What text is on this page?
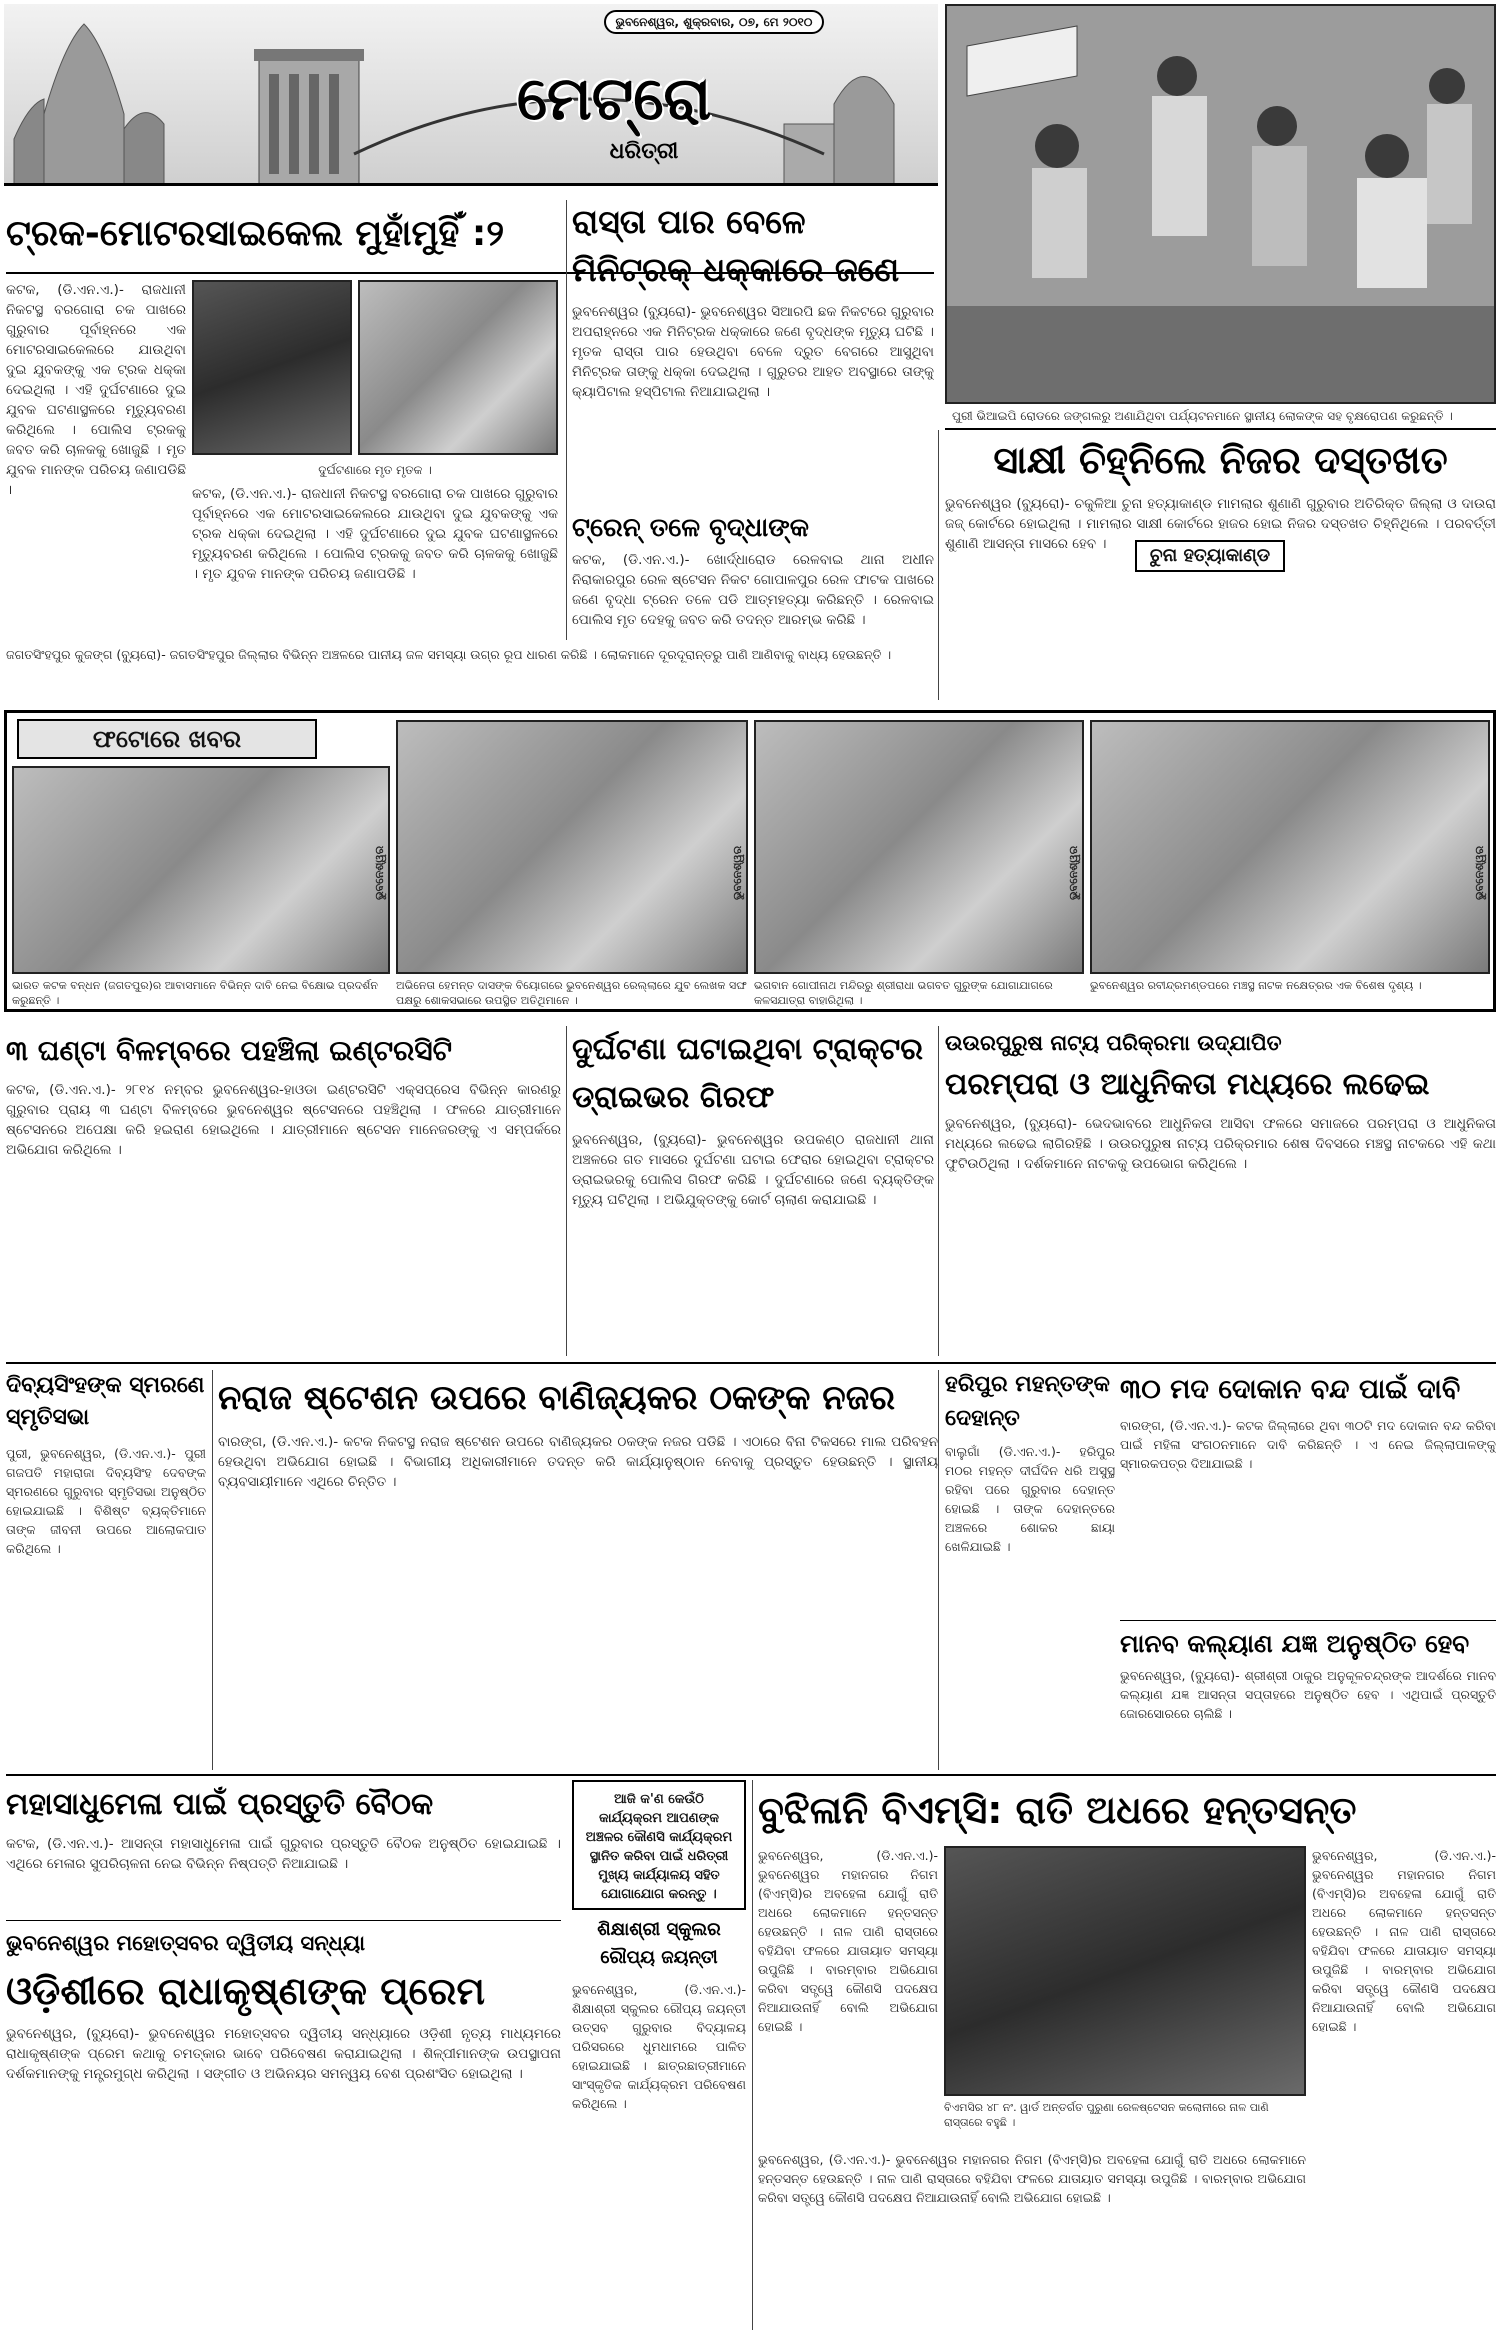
ଭୁବନେଶ୍ୱର, ଶୁକ୍ରବାର, ୦୭, ମେ ୨୦୧୦
ମେଟ୍ରୋ
ଧରିତ୍ରୀ
ପୁରୀ ଭିଆଇପି ରୋଡରେ ଜଙ୍ଗଲରୁ ଅଣାଯିଥିବା ପର୍ଯ୍ୟଟନମାନେ ସ୍ଥାନୀୟ ଲୋକଙ୍କ ସହ ବୃକ୍ଷରୋପଣ କରୁଛନ୍ତି ।
ଟ୍ରକ-ମୋଟରସାଇକେଲ ମୁହାଁମୁହିଁ :୨
କଟକ, (ଡି.ଏନ.ଏ.)- ରାଜଧାନୀ ନିକଟସ୍ଥ ବରଗୋରା ଚକ ପାଖରେ ଗୁରୁବାର ପୂର୍ବାହ୍ନରେ ଏକ ମୋଟରସାଇକେଲରେ ଯାଉଥିବା ଦୁଇ ଯୁବକଙ୍କୁ ଏକ ଟ୍ରକ ଧକ୍କା ଦେଇଥିଲା । ଏହି ଦୁର୍ଘଟଣାରେ ଦୁଇ ଯୁବକ ଘଟଣାସ୍ଥଳରେ ମୃତ୍ୟୁବରଣ କରିଥିଲେ । ପୋଲିସ ଟ୍ରକକୁ ଜବତ କରି ଚାଳକକୁ ଖୋଜୁଛି । ମୃତ ଯୁବକ ମାନଙ୍କ ପରିଚୟ ଜଣାପଡିଛି ।
ଦୁର୍ଘଟଣାରେ ମୃତ ମୃତକ ।
କଟକ, (ଡି.ଏନ.ଏ.)- ରାଜଧାନୀ ନିକଟସ୍ଥ ବରଗୋରା ଚକ ପାଖରେ ଗୁରୁବାର ପୂର୍ବାହ୍ନରେ ଏକ ମୋଟରସାଇକେଲରେ ଯାଉଥିବା ଦୁଇ ଯୁବକଙ୍କୁ ଏକ ଟ୍ରକ ଧକ୍କା ଦେଇଥିଲା । ଏହି ଦୁର୍ଘଟଣାରେ ଦୁଇ ଯୁବକ ଘଟଣାସ୍ଥଳରେ ମୃତ୍ୟୁବରଣ କରିଥିଲେ । ପୋଲିସ ଟ୍ରକକୁ ଜବତ କରି ଚାଳକକୁ ଖୋଜୁଛି । ମୃତ ଯୁବକ ମାନଙ୍କ ପରିଚୟ ଜଣାପଡିଛି ।
ରାସ୍ତା ପାର ବେଳେ ମିନିଟ୍ରକ୍ ଧକ୍କାରେ ଜଣେ
ଭୁବନେଶ୍ୱର (ବ୍ୟୁରୋ)- ଭୁବନେଶ୍ୱର ସିଆରପି ଛକ ନିକଟରେ ଗୁରୁବାର ଅପରାହ୍ନରେ ଏକ ମିନିଟ୍ରକ ଧକ୍କାରେ ଜଣେ ବୃଦ୍ଧଙ୍କ ମୃତ୍ୟୁ ଘଟିଛି । ମୃତକ ରାସ୍ତା ପାର ହେଉଥିବା ବେଳେ ଦ୍ରୁତ ବେଗରେ ଆସୁଥିବା ମିନିଟ୍ରକ ତାଙ୍କୁ ଧକ୍କା ଦେଇଥିଲା । ଗୁରୁତର ଆହତ ଅବସ୍ଥାରେ ତାଙ୍କୁ କ୍ୟାପିଟାଲ ହସ୍ପିଟାଲ ନିଆଯାଇଥିଲା ।
ଟ୍ରେନ୍ ତଳେ ବୃଦ୍ଧାଙ୍କ
କଟକ, (ଡି.ଏନ.ଏ.)- ଖୋର୍ଦ୍ଧାରୋଡ ରେଳବାଇ ଥାନା ଅଧୀନ ନିରାକାରପୁର ରେଳ ଷ୍ଟେସନ ନିକଟ ଗୋପାଳପୁର ରେଳ ଫାଟକ ପାଖରେ ଜଣେ ବୃଦ୍ଧା ଟ୍ରେନ ତଳେ ପଡି ଆତ୍ମହତ୍ୟା କରିଛନ୍ତି । ରେଳବାଇ ପୋଲିସ ମୃତ ଦେହକୁ ଜବତ କରି ତଦନ୍ତ ଆରମ୍ଭ କରିଛି ।
ସାକ୍ଷୀ ଚିହ୍ନିଲେ ନିଜର ଦସ୍ତଖତ
ଭୁବନେଶ୍ୱର (ବ୍ୟୁରୋ)- ଚକୁଳିଆ ଚୁନା ହତ୍ୟାକାଣ୍ଡ ମାମଲାର ଶୁଣାଣି ଗୁରୁବାର ଅତିରିକ୍ତ ଜିଲ୍ଲା ଓ ଦାଉରା ଜଜ୍ କୋର୍ଟରେ ହୋଇଥିଲା । ମାମଲାର ସାକ୍ଷୀ କୋର୍ଟରେ ହାଜର ହୋଇ ନିଜର ଦସ୍ତଖତ ଚିହ୍ନିଥିଲେ । ପରବର୍ତ୍ତୀ ଶୁଣାଣି ଆସନ୍ତା ମାସରେ ହେବ ।
ଚୁନା ହତ୍ୟାକାଣ୍ଡ
ଜଗତସିଂହପୁର କୁଜଙ୍ଗ (ବ୍ୟୁରୋ)- ଜଗତସିଂହପୁର ଜିଲ୍ଲାର ବିଭିନ୍ନ ଅଞ୍ଚଳରେ ପାନୀୟ ଜଳ ସମସ୍ୟା ଉଗ୍ର ରୂପ ଧାରଣ କରିଛି । ଲୋକମାନେ ଦୂରଦୂରାନ୍ତରୁ ପାଣି ଆଣିବାକୁ ବାଧ୍ୟ ହେଉଛନ୍ତି ।
ଫଟୋରେ ଖବର
ଭୁବନେଶ୍ୱର
ଭାରତ କଟକ ବନ୍ଧନ (ଜଗତପୁର)ର ଆବାସମାନେ ବିଭିନ୍ନ ଦାବି ନେଇ ବିକ୍ଷୋଭ ପ୍ରଦର୍ଶନ କରୁଛନ୍ତି ।
ଭୁବନେଶ୍ୱର
ଅଭିନେତା ହେମନ୍ତ ଦାସଙ୍କ ବିୟୋଗରେ ଭୁବନେଶ୍ୱର ରେଲ୍ଲାରେ ଯୁବ ଲେଖକ ସଙ୍ଘ ପକ୍ଷରୁ ଶୋକସଭାରେ ଉପସ୍ଥିତ ଅତିଥିମାନେ ।
ଭୁବନେଶ୍ୱର
ଭଗବାନ ଗୋପୀନାଥ ମନ୍ଦିରରୁ ଶ୍ରୀରାଧା ଭଗବତ ଗୁରୁଙ୍କ ଯୋଗାଯାଗରେ କଳସଯାତ୍ରା ବାହାରିଥିଲା ।
ଭୁବନେଶ୍ୱର
ଭୁବନେଶ୍ୱର ରବୀନ୍ଦ୍ରମଣ୍ଡପରେ ମଞ୍ଚସ୍ଥ ନାଟକ ନକ୍ଷେତ୍ରର ଏକ ବିଶେଷ ଦୃଶ୍ୟ ।
୩ ଘଣ୍ଟା ବିଳମ୍ବରେ ପହଞ୍ଚିଲା ଇଣ୍ଟରସିଟି
କଟକ, (ଡି.ଏନ.ଏ.)- ୨୮୧୪ ନମ୍ବର ଭୁବନେଶ୍ୱର-ହାଓଡା ଇଣ୍ଟରସିଟି ଏକ୍ସପ୍ରେସ ବିଭିନ୍ନ କାରଣରୁ ଗୁରୁବାର ପ୍ରାୟ ୩ ଘଣ୍ଟା ବିଳମ୍ବରେ ଭୁବନେଶ୍ୱର ଷ୍ଟେସନରେ ପହଞ୍ଚିଥିଲା । ଫଳରେ ଯାତ୍ରୀମାନେ ଷ୍ଟେସନରେ ଅପେକ୍ଷା କରି ହଇରାଣ ହୋଇଥିଲେ । ଯାତ୍ରୀମାନେ ଷ୍ଟେସନ ମାନେଜରଙ୍କୁ ଏ ସମ୍ପର୍କରେ ଅଭିଯୋଗ କରିଥିଲେ ।
ଦୁର୍ଘଟଣା ଘଟାଇଥିବା ଟ୍ରାକ୍ଟର ଡ୍ରାଇଭର ଗିରଫ
ଭୁବନେଶ୍ୱର, (ବ୍ୟୁରୋ)- ଭୁବନେଶ୍ୱର ଉପକଣ୍ଠ ରାଜଧାନୀ ଥାନା ଅଞ୍ଚଳରେ ଗତ ମାସରେ ଦୁର୍ଘଟଣା ଘଟାଇ ଫେରାର ହୋଇଥିବା ଟ୍ରାକ୍ଟର ଡ୍ରାଇଭରକୁ ପୋଲିସ ଗିରଫ କରିଛି । ଦୁର୍ଘଟଣାରେ ଜଣେ ବ୍ୟକ୍ତିଙ୍କ ମୃତ୍ୟୁ ଘଟିଥିଲା । ଅଭିଯୁକ୍ତଙ୍କୁ କୋର୍ଟ ଚାଲାଣ କରାଯାଇଛି ।
ଉଉରପୁରୁଷ ନାଟ୍ୟ ପରିକ୍ରମା ଉଦ୍‌ଯାପିତ
ପରମ୍ପରା ଓ ଆଧୁନିକତା ମଧ୍ୟରେ ଲଢେଇ
ଭୁବନେଶ୍ୱର, (ବ୍ୟୁରୋ)- ଭେଦଭାବରେ ଆଧୁନିକତା ଆସିବା ଫଳରେ ସମାଜରେ ପରମ୍ପରା ଓ ଆଧୁନିକତା ମଧ୍ୟରେ ଲଢେଇ ଲାଗିରହିଛି । ଉଉରପୁରୁଷ ନାଟ୍ୟ ପରିକ୍ରମାର ଶେଷ ଦିବସରେ ମଞ୍ଚସ୍ଥ ନାଟକରେ ଏହି କଥା ଫୁଟିଉଠିଥିଲା । ଦର୍ଶକମାନେ ନାଟକକୁ ଉପଭୋଗ କରିଥିଲେ ।
ଦିବ୍ୟସିଂହଙ୍କ ସ୍ମରଣେ ସ୍ମୃତିସଭା
ପୁରୀ, ଭୁବନେଶ୍ୱର, (ଡି.ଏନ.ଏ.)- ପୁରୀ ଗଜପତି ମହାରାଜା ଦିବ୍ୟସିଂହ ଦେବଙ୍କ ସ୍ମରଣରେ ଗୁରୁବାର ସ୍ମୃତିସଭା ଅନୁଷ୍ଠିତ ହୋଇଯାଇଛି । ବିଶିଷ୍ଟ ବ୍ୟକ୍ତିମାନେ ତାଙ୍କ ଜୀବନୀ ଉପରେ ଆଲୋକପାତ କରିଥିଲେ ।
ନରାଜ ଷ୍ଟେଶନ ଉପରେ ବାଣିଜ୍ୟକର ଠକଙ୍କ ନଜର
ବାରଙ୍ଗ, (ଡି.ଏନ.ଏ.)- କଟକ ନିକଟସ୍ଥ ନରାଜ ଷ୍ଟେଶନ ଉପରେ ବାଣିଜ୍ୟକର ଠକଙ୍କ ନଜର ପଡିଛି । ଏଠାରେ ବିନା ଟିକସରେ ମାଲ ପରିବହନ ହେଉଥିବା ଅଭିଯୋଗ ହୋଇଛି । ବିଭାଗୀୟ ଅଧିକାରୀମାନେ ତଦନ୍ତ କରି କାର୍ଯ୍ୟାନୁଷ୍ଠାନ ନେବାକୁ ପ୍ରସ୍ତୁତ ହେଉଛନ୍ତି । ସ୍ଥାନୀୟ ବ୍ୟବସାୟୀମାନେ ଏଥିରେ ଚିନ୍ତିତ ।
ହରିପୁର ମହନ୍ତଙ୍କ ଦେହାନ୍ତ
ବାଲୁଗାଁ (ଡି.ଏନ.ଏ.)- ହରିପୁର ମଠର ମହନ୍ତ ଦୀର୍ଘଦିନ ଧରି ଅସୁସ୍ଥ ରହିବା ପରେ ଗୁରୁବାର ଦେହାନ୍ତ ହୋଇଛି । ତାଙ୍କ ଦେହାନ୍ତରେ ଅଞ୍ଚଳରେ ଶୋକର ଛାୟା ଖେଳିଯାଇଛି ।
୩୦ ମଦ ଦୋକାନ ବନ୍ଦ ପାଇଁ ଦାବି
ବାରଙ୍ଗ, (ଡି.ଏନ.ଏ.)- କଟକ ଜିଲ୍ଲାରେ ଥିବା ୩୦ଟି ମଦ ଦୋକାନ ବନ୍ଦ କରିବା ପାଇଁ ମହିଳା ସଂଗଠନମାନେ ଦାବି କରିଛନ୍ତି । ଏ ନେଇ ଜିଲ୍ଲାପାଳଙ୍କୁ ସ୍ମାରକପତ୍ର ଦିଆଯାଇଛି ।
ମାନବ କଲ୍ୟାଣ ଯଜ୍ଞ ଅନୁଷ୍ଠିତ ହେବ
ଭୁବନେଶ୍ୱର, (ବ୍ୟୁରୋ)- ଶ୍ରୀଶ୍ରୀ ଠାକୁର ଅନୁକୂଳଚନ୍ଦ୍ରଙ୍କ ଆଦର୍ଶରେ ମାନବ କଲ୍ୟାଣ ଯଜ୍ଞ ଆସନ୍ତା ସପ୍ତାହରେ ଅନୁଷ୍ଠିତ ହେବ । ଏଥିପାଇଁ ପ୍ରସ୍ତୁତି ଜୋରସୋରରେ ଚାଲିଛି ।
ମହାସାଧୁମେଳା ପାଇଁ ପ୍ରସ୍ତୁତି ବୈଠକ
କଟକ, (ଡି.ଏନ.ଏ.)- ଆସନ୍ତା ମହାସାଧୁମେଳା ପାଇଁ ଗୁରୁବାର ପ୍ରସ୍ତୁତି ବୈଠକ ଅନୁଷ୍ଠିତ ହୋଇଯାଇଛି । ଏଥିରେ ମେଳାର ସୁପରିଚାଳନା ନେଇ ବିଭିନ୍ନ ନିଷ୍ପତ୍ତି ନିଆଯାଇଛି ।
ଆଜି କ'ଣ କେଉଁଠି କାର୍ଯ୍ୟକ୍ରମ ଆପଣଙ୍କ ଅଞ୍ଚଳର କୌଣସି କାର୍ଯ୍ୟକ୍ରମ ସ୍ଥାନିତ କରିବା ପାଇଁ ଧରିତ୍ରୀ ମୁଖ୍ୟ କାର୍ଯ୍ୟାଳୟ ସହିତ ଯୋଗାଯୋଗ କରନ୍ତୁ ।
ଶିକ୍ଷାଶ୍ରୀ ସ୍କୁଲର ରୌପ୍ୟ ଜୟନ୍ତୀ
ଭୁବନେଶ୍ୱର, (ଡି.ଏନ.ଏ.)- ଶିକ୍ଷାଶ୍ରୀ ସ୍କୁଲର ରୌପ୍ୟ ଜୟନ୍ତୀ ଉତ୍ସବ ଗୁରୁବାର ବିଦ୍ୟାଳୟ ପରିସରରେ ଧୁମଧାମରେ ପାଳିତ ହୋଇଯାଇଛି । ଛାତ୍ରଛାତ୍ରୀମାନେ ସାଂସ୍କୃତିକ କାର୍ଯ୍ୟକ୍ରମ ପରିବେଷଣ କରିଥିଲେ ।
ବୁଝିଳାନି ବିଏମ୍‌ସି: ରାତି ଅଧରେ ହନ୍ତସନ୍ତ
ଭୁବନେଶ୍ୱର, (ଡି.ଏନ.ଏ.)- ଭୁବନେଶ୍ୱର ମହାନଗର ନିଗମ (ବିଏମ୍‌ସି)ର ଅବହେଳା ଯୋଗୁଁ ରାତି ଅଧରେ ଲୋକମାନେ ହନ୍ତସନ୍ତ ହେଉଛନ୍ତି । ନାଳ ପାଣି ରାସ୍ତାରେ ବହିଯିବା ଫଳରେ ଯାତାୟାତ ସମସ୍ୟା ଉପୁଜିଛି । ବାରମ୍ବାର ଅଭିଯୋଗ କରିବା ସତ୍ତ୍ୱେ କୌଣସି ପଦକ୍ଷେପ ନିଆଯାଉନାହିଁ ବୋଲି ଅଭିଯୋଗ ହୋଇଛି ।
ବିଏମସିର ୪୮ ନଂ. ୱାର୍ଡ ଅନ୍ତର୍ଗତ ପୁରୁଣା ରେଳଷ୍ଟେସନ କଲୋନୀରେ ନାଳ ପାଣି ରାସ୍ତାରେ ବହୁଛି ।
ଭୁବନେଶ୍ୱର, (ଡି.ଏନ.ଏ.)- ଭୁବନେଶ୍ୱର ମହାନଗର ନିଗମ (ବିଏମ୍‌ସି)ର ଅବହେଳା ଯୋଗୁଁ ରାତି ଅଧରେ ଲୋକମାନେ ହନ୍ତସନ୍ତ ହେଉଛନ୍ତି । ନାଳ ପାଣି ରାସ୍ତାରେ ବହିଯିବା ଫଳରେ ଯାତାୟାତ ସମସ୍ୟା ଉପୁଜିଛି । ବାରମ୍ବାର ଅଭିଯୋଗ କରିବା ସତ୍ତ୍ୱେ କୌଣସି ପଦକ୍ଷେପ ନିଆଯାଉନାହିଁ ବୋଲି ଅଭିଯୋଗ ହୋଇଛି ।
ଭୁବନେଶ୍ୱର, (ଡି.ଏନ.ଏ.)- ଭୁବନେଶ୍ୱର ମହାନଗର ନିଗମ (ବିଏମ୍‌ସି)ର ଅବହେଳା ଯୋଗୁଁ ରାତି ଅଧରେ ଲୋକମାନେ ହନ୍ତସନ୍ତ ହେଉଛନ୍ତି । ନାଳ ପାଣି ରାସ୍ତାରେ ବହିଯିବା ଫଳରେ ଯାତାୟାତ ସମସ୍ୟା ଉପୁଜିଛି । ବାରମ୍ବାର ଅଭିଯୋଗ କରିବା ସତ୍ତ୍ୱେ କୌଣସି ପଦକ୍ଷେପ ନିଆଯାଉନାହିଁ ବୋଲି ଅଭିଯୋଗ ହୋଇଛି ।
ଭୁବନେଶ୍ୱର ମହୋତ୍ସବର ଦ୍ୱିତୀୟ ସନ୍ଧ୍ୟା
ଓଡ଼ିଶୀରେ ରାଧାକୃଷ୍ଣଙ୍କ ପ୍ରେମ
ଭୁବନେଶ୍ୱର, (ବ୍ୟୁରୋ)- ଭୁବନେଶ୍ୱର ମହୋତ୍ସବର ଦ୍ୱିତୀୟ ସନ୍ଧ୍ୟାରେ ଓଡ଼ିଶୀ ନୃତ୍ୟ ମାଧ୍ୟମରେ ରାଧାକୃଷ୍ଣଙ୍କ ପ୍ରେମ କଥାକୁ ଚମତ୍କାର ଭାବେ ପରିବେଷଣ କରାଯାଇଥିଲା । ଶିଳ୍ପୀମାନଙ୍କ ଉପସ୍ଥାପନା ଦର୍ଶକମାନଙ୍କୁ ମନ୍ତ୍ରମୁଗ୍ଧ କରିଥିଲା । ସଙ୍ଗୀତ ଓ ଅଭିନୟର ସମନ୍ୱୟ ବେଶ ପ୍ରଶଂସିତ ହୋଇଥିଲା ।
